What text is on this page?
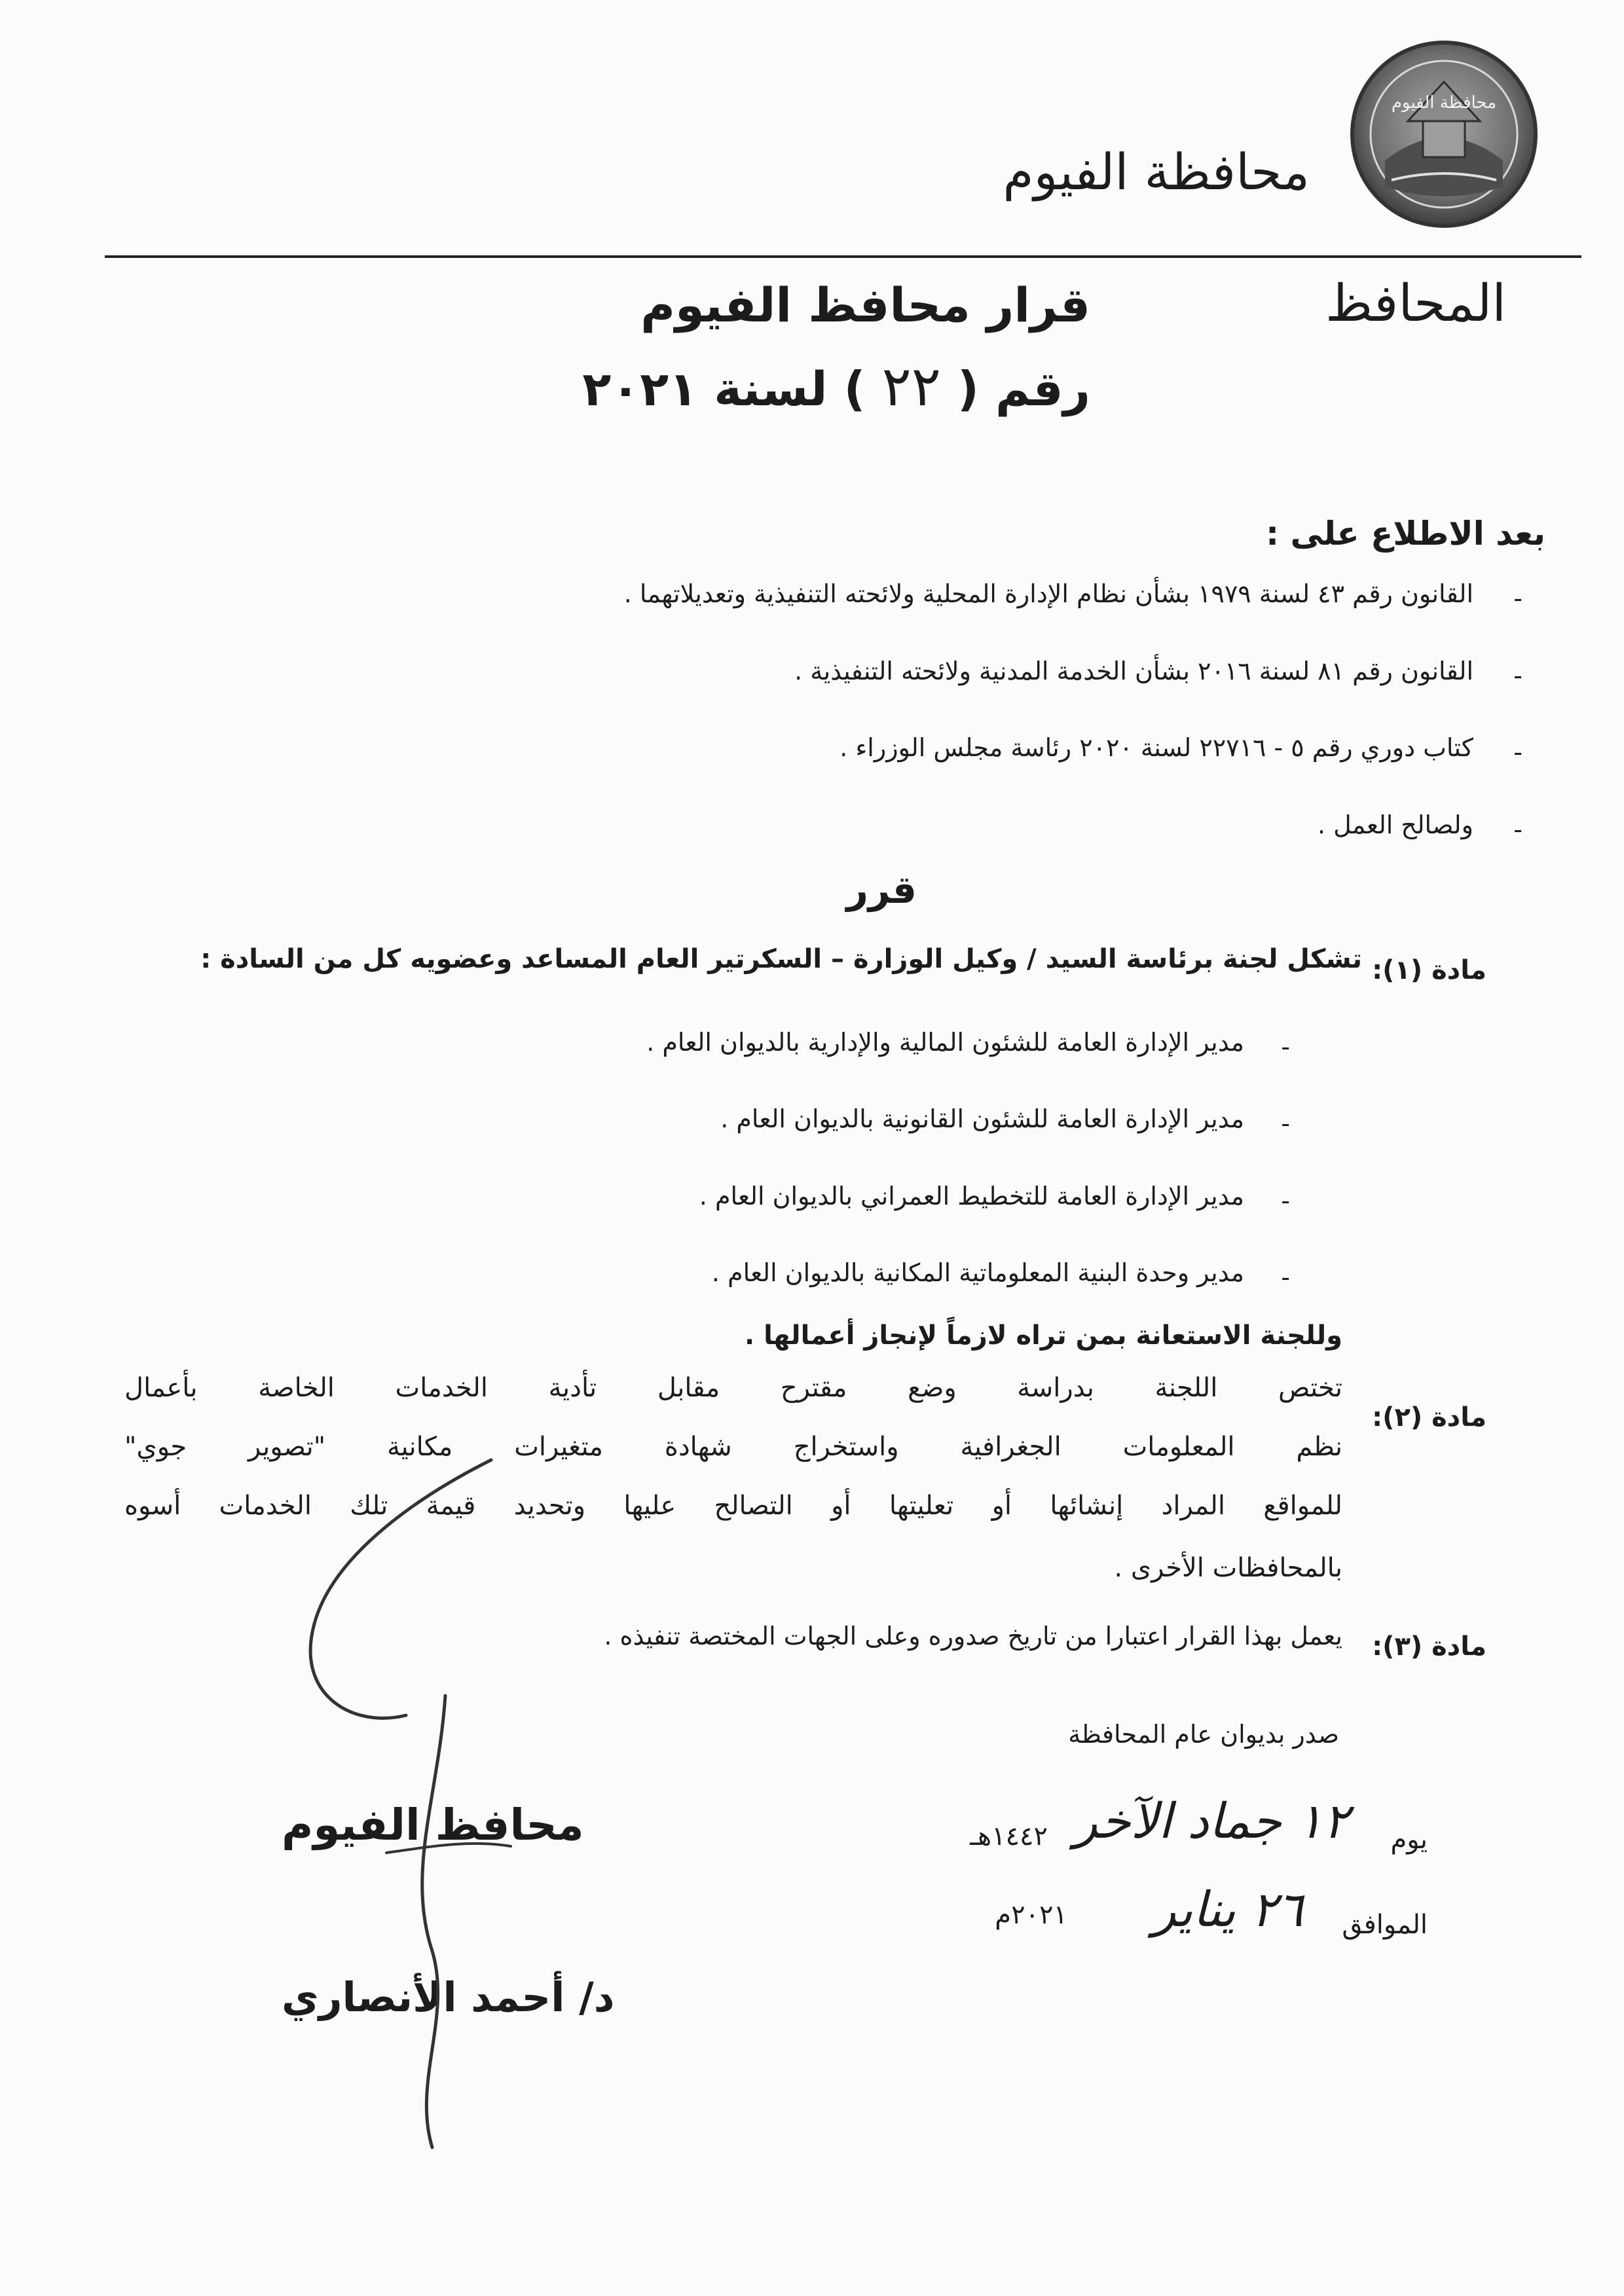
محافظة الفيوم
محافظة الفيوم
المحافظ
قرار محافظ الفيوم
رقم ( ٢٢ ) لسنة ٢٠٢١
بعد الاطلاع على :
-
القانون رقم ٤٣ لسنة ١٩٧٩ بشأن نظام الإدارة المحلية ولائحته التنفيذية وتعديلاتهما .
-
القانون رقم ٨١ لسنة ٢٠١٦ بشأن الخدمة المدنية ولائحته التنفيذية .
-
كتاب دوري رقم ٥ - ٢٢٧١٦ لسنة ٢٠٢٠ رئاسة مجلس الوزراء .
-
ولصالح العمل .
قرر
مادة (١):
تشكل لجنة برئاسة السيد / وكيل الوزارة – السكرتير العام المساعد وعضويه كل من السادة :
-
مدير الإدارة العامة للشئون المالية والإدارية بالديوان العام .
-
مدير الإدارة العامة للشئون القانونية بالديوان العام .
-
مدير الإدارة العامة للتخطيط العمراني بالديوان العام .
-
مدير وحدة البنية المعلوماتية المكانية بالديوان العام .
وللجنة الاستعانة بمن تراه لازماً لإنجاز أعمالها .
مادة (٢):
تختص اللجنة بدراسة وضع مقترح مقابل تأدية الخدمات الخاصة بأعمال
نظم المعلومات الجغرافية واستخراج شهادة متغيرات مكانية "تصوير جوي"
للمواقع المراد إنشائها أو تعليتها أو التصالح عليها وتحديد قيمة تلك الخدمات أسوه
بالمحافظات الأخرى .
مادة (٣):
يعمل بهذا القرار اعتبارا من تاريخ صدوره وعلى الجهات المختصة تنفيذه .
صدر بديوان عام المحافظة
يوم
١٢ جماد الآخر
١٤٤٢هـ
الموافق
٢٦ يناير
٢٠٢١م
محافظ الفيوم
د/ أحمد الأنصاري
